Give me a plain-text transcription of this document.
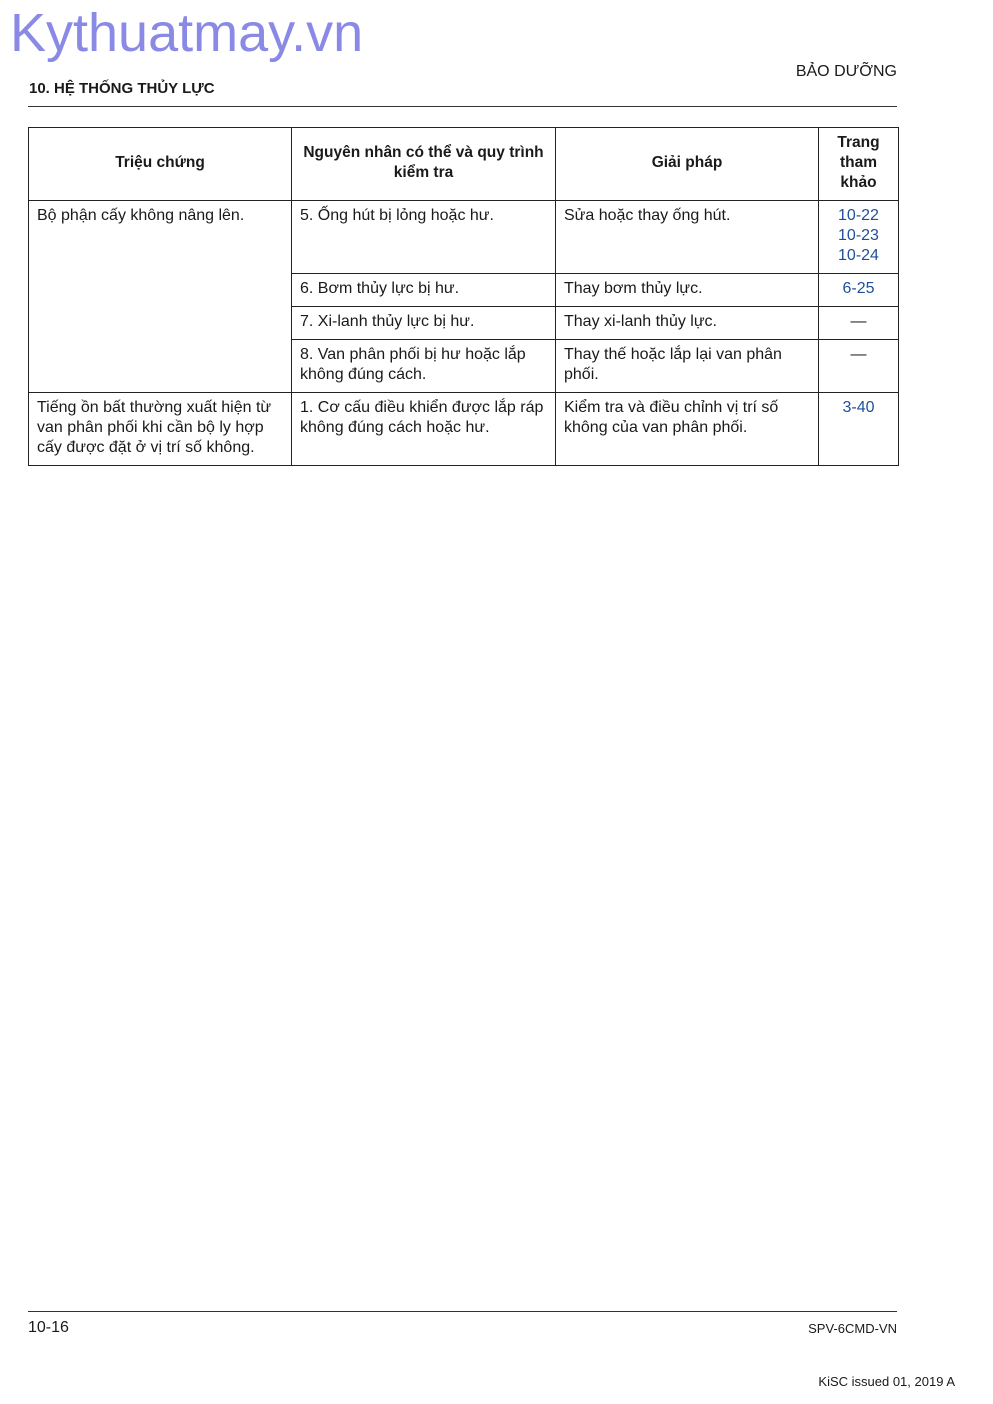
Kythuatmay.vn
BẢO DƯỠNG
10. HỆ THỐNG THỦY LỰC
Triệu chứng	Nguyên nhân có thể và quy trình kiểm tra	Giải pháp	Trang tham khảo
Bộ phận cấy không nâng lên.	5. Ống hút bị lỏng hoặc hư.	Sửa hoặc thay ống hút.	10-22
10-23
10-24

	6. Bơm thủy lực bị hư.	Thay bơm thủy lực.	6-25

	7. Xi-lanh thủy lực bị hư.	Thay xi-lanh thủy lực.	—

	8. Van phân phối bị hư hoặc lắp không đúng cách.	Thay thế hoặc lắp lại van phân phối.	—

Tiếng ồn bất thường xuất hiện từ van phân phối khi cần bộ ly hợp cấy được đặt ở vị trí số không.	1. Cơ cấu điều khiển được lắp ráp không đúng cách hoặc hư.	Kiểm tra và điều chỉnh vị trí số không của van phân phối.	3-40
10-16	SPV-6CMD-VN
KiSC issued 01, 2019 A
